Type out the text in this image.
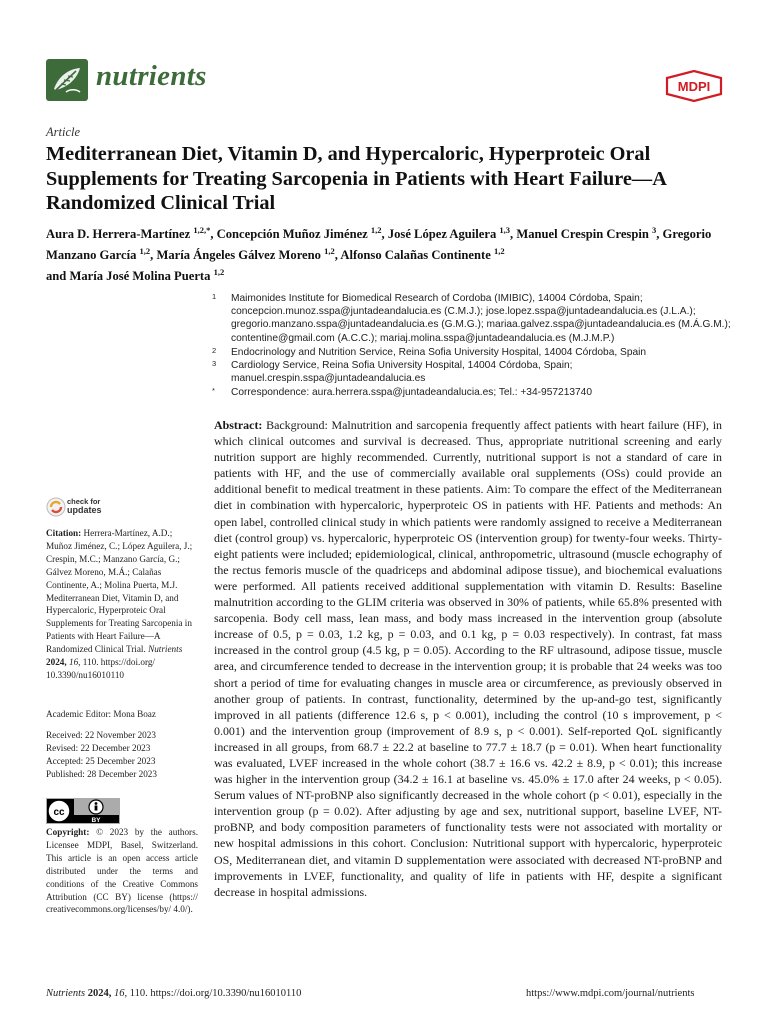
nutrients	MDPI
Article
Mediterranean Diet, Vitamin D, and Hypercaloric, Hyperproteic Oral Supplements for Treating Sarcopenia in Patients with Heart Failure—A Randomized Clinical Trial
Aura D. Herrera-Martínez $^{1,2,*}$, Concepción Muñoz Jiménez $^{1,2}$, José López Aguilera $^{1,3}$, Manuel Crespin Crespin $^3$, Gregorio Manzano García $^{1,2}$, María Ángeles Gálvez Moreno $^{1,2}$, Alfonso Calañas Continente $^{1,2}$
and María José Molina Puerta $^{1,2}$
1 Maimonides Institute for Biomedical Research of Cordoba (IMIBIC), 14004 Córdoba, Spain; concepcion.munoz.sspa@juntadeandalucia.es (C.M.J.); jose.lopez.sspa@juntadeandalucia.es (J.L.A.); gregorio.manzano.sspa@juntadeandalucia.es (G.M.G.); mariaa.galvez.sspa@juntadeandalucia.es (M.Á.G.M.); contentine@gmail.com (A.C.C.); mariaj.molina.sspa@juntadeandalucia.es (M.J.M.P.)
2 Endocrinology and Nutrition Service, Reina Sofia University Hospital, 14004 Córdoba, Spain
3 Cardiology Service, Reina Sofia University Hospital, 14004 Córdoba, Spain; manuel.crespin.sspa@juntadeandalucia.es
* Correspondence: aura.herrera.sspa@juntadeandalucia.es; Tel.: +34-957213740
Abstract: Background: Malnutrition and sarcopenia frequently affect patients with heart failure (HF), in which clinical outcomes and survival is decreased. Thus, appropriate nutritional screening and early nutrition support are highly recommended. Currently, nutritional support is not a standard of care in patients with HF, and the use of commercially available oral supplements (OSs) could provide an additional benefit to medical treatment in these patients. Aim: To compare the effect of the Mediterranean diet in combination with hypercaloric, hyperproteic OS in patients with HF. Patients and methods: An open label, controlled clinical study in which patients were randomly assigned to receive a Mediterranean diet (control group) vs. hypercaloric, hyperproteic OS (intervention group) for twenty-four weeks. Thirty-eight patients were included; epidemiological, clinical, anthropometric, ultrasound (muscle echography of the rectus femoris muscle of the quadriceps and abdominal adipose tissue), and biochemical evaluations were performed. All patients received additional supplementation with vitamin D. Results: Baseline malnutrition according to the GLIM criteria was observed in 30% of patients, while 65.8% presented with sarcopenia. Body cell mass, lean mass, and body mass increased in the intervention group (absolute increase of 0.5, p = 0.03, 1.2 kg, p = 0.03, and 0.1 kg, p = 0.03 respectively). In contrast, fat mass increased in the control group (4.5 kg, p = 0.05). According to the RF ultrasound, adipose tissue, muscle area, and circumference tended to decrease in the intervention group; it is probable that 24 weeks was too short a period of time for evaluating changes in muscle area or circumference, as previously observed in another group of patients. In contrast, functionality, determined by the up-and-go test, significantly improved in all patients (difference 12.6 s, p < 0.001), including the control (10 s improvement, p < 0.001) and the intervention group (improvement of 8.9 s, p < 0.001). Self-reported QoL significantly increased in all groups, from 68.7 ± 22.2 at baseline to 77.7 ± 18.7 (p = 0.01). When heart functionality was evaluated, LVEF increased in the whole cohort (38.7 ± 16.6 vs. 42.2 ± 8.9, p < 0.01); this increase was higher in the intervention group (34.2 ± 16.1 at baseline vs. 45.0% ± 17.0 after 24 weeks, p < 0.05). Serum values of NT-proBNP also significantly decreased in the whole cohort (p < 0.01), especially in the intervention group (p = 0.02). After adjusting by age and sex, nutritional support, baseline LVEF, NT-proBNP, and body composition parameters of functionality tests were not associated with mortality or new hospital admissions in this cohort. Conclusion: Nutritional support with hypercaloric, hyperproteic OS, Mediterranean diet, and vitamin D supplementation were associated with decreased NT-proBNP and improvements in LVEF, functionality, and quality of life in patients with HF, despite a significant decrease in hospital admissions.
check for
updates
Citation: Herrera-Martínez, A.D.; Muñoz Jiménez, C.; López Aguilera, J.; Crespin, M.C.; Manzano García, G.; Gálvez Moreno, M.Á.; Calañas Continente, A.; Molina Puerta, M.J. Mediterranean Diet, Vitamin D, and Hypercaloric, Hyperproteic Oral Supplements for Treating Sarcopenia in Patients with Heart Failure—A Randomized Clinical Trial. Nutrients 2024, 16, 110. https://doi.org/ 10.3390/nu16010110
Academic Editor: Mona Boaz
Received: 22 November 2023
Revised: 22 December 2023
Accepted: 25 December 2023
Published: 28 December 2023
cc
BY
Copyright: © 2023 by the authors. Licensee MDPI, Basel, Switzerland. This article is an open access article distributed under the terms and conditions of the Creative Commons Attribution (CC BY) license (https:// creativecommons.org/licenses/by/ 4.0/).
Nutrients 2024, 16, 110. https://doi.org/10.3390/nu16010110	https://www.mdpi.com/journal/nutrients
